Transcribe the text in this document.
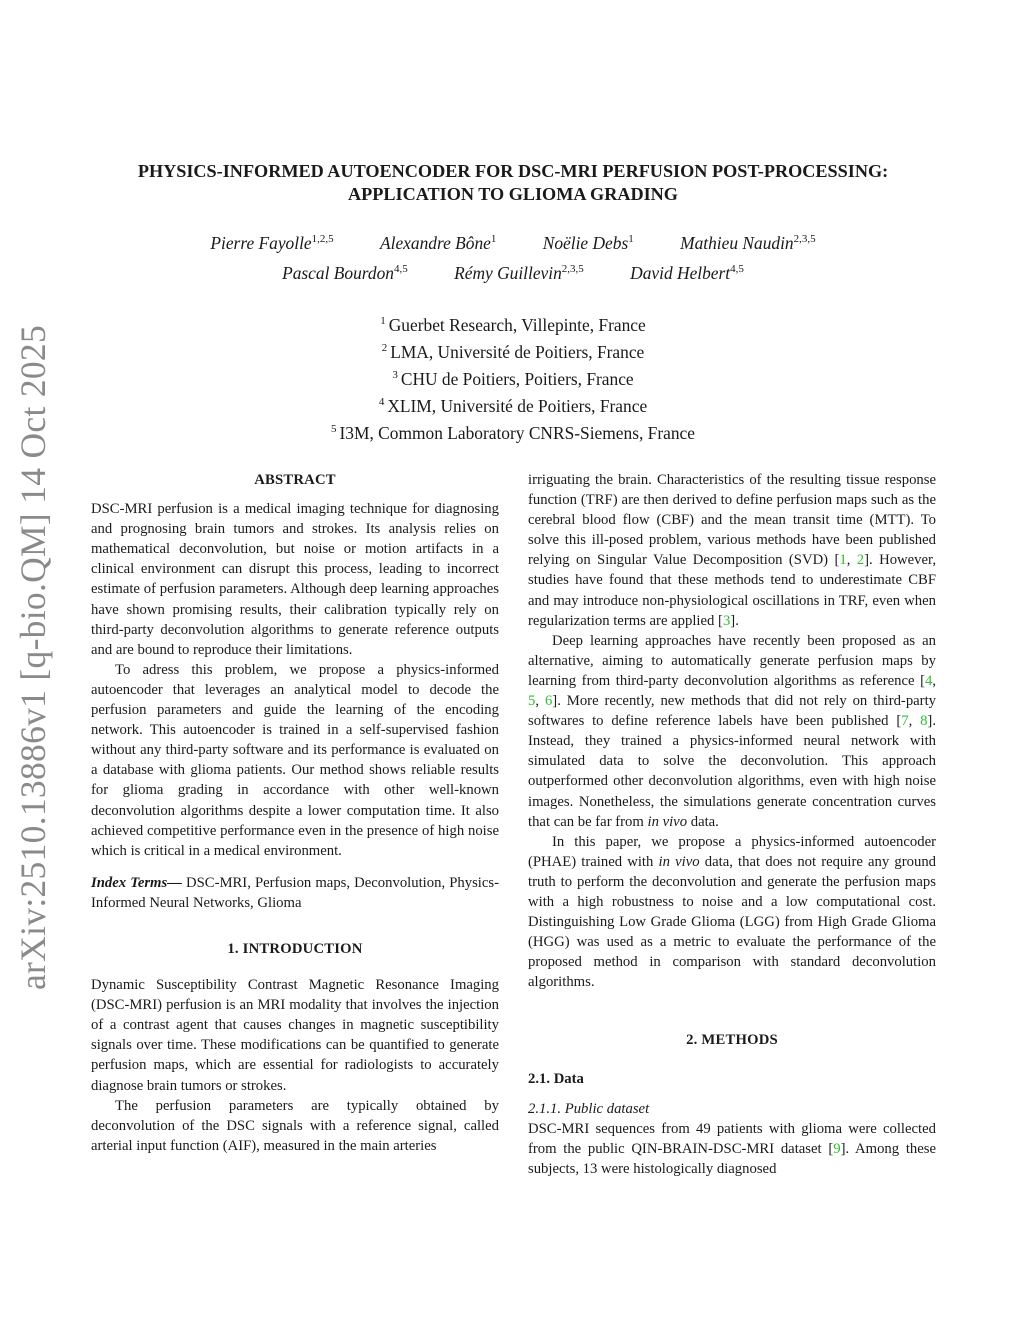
arXiv:2510.13886v1 [q-bio.QM] 14 Oct 2025
PHYSICS-INFORMED AUTOENCODER FOR DSC-MRI PERFUSION POST-PROCESSING:
APPLICATION TO GLIOMA GRADING
Pierre Fayolle$^{1,2,5}$	Alexandre Bône$^1$	Noëlie Debs$^1$	Mathieu Naudin$^{2,3,5}$
Pascal Bourdon$^{4,5}$	Rémy Guillevin$^{2,3,5}$	David Helbert$^{4,5}$
$^1$ Guerbet Research, Villepinte, France
$^2$ LMA, Université de Poitiers, France
$^3$ CHU de Poitiers, Poitiers, France
$^4$ XLIM, Université de Poitiers, France
$^5$ I3M, Common Laboratory CNRS-Siemens, France

ABSTRACT

DSC-MRI perfusion is a medical imaging technique for diagnosing and prognosing brain tumors and strokes. Its analysis relies on mathematical deconvolution, but noise or motion artifacts in a clinical environment can disrupt this process, leading to incorrect estimate of perfusion parameters. Although deep learning approaches have shown promising results, their calibration typically rely on third-party deconvolution algorithms to generate reference outputs and are bound to reproduce their limitations.

To adress this problem, we propose a physics-informed autoencoder that leverages an analytical model to decode the perfusion parameters and guide the learning of the encoding network. This autoencoder is trained in a self-supervised fashion without any third-party software and its performance is evaluated on a database with glioma patients. Our method shows reliable results for glioma grading in accordance with other well-known deconvolution algorithms despite a lower computation time. It also achieved competitive performance even in the presence of high noise which is critical in a medical environment.

Index Terms— DSC-MRI, Perfusion maps, Deconvolution, Physics-Informed Neural Networks, Glioma

1. INTRODUCTION

Dynamic Susceptibility Contrast Magnetic Resonance Imaging (DSC-MRI) perfusion is an MRI modality that involves the injection of a contrast agent that causes changes in magnetic susceptibility signals over time. These modifications can be quantified to generate perfusion maps, which are essential for radiologists to accurately diagnose brain tumors or strokes.

The perfusion parameters are typically obtained by deconvolution of the DSC signals with a reference signal, called arterial input function (AIF), measured in the main arteries

irriguating the brain. Characteristics of the resulting tissue response function (TRF) are then derived to define perfusion maps such as the cerebral blood flow (CBF) and the mean transit time (MTT). To solve this ill-posed problem, various methods have been published relying on Singular Value Decomposition (SVD) [1, 2]. However, studies have found that these methods tend to underestimate CBF and may introduce non-physiological oscillations in TRF, even when regularization terms are applied [3].

Deep learning approaches have recently been proposed as an alternative, aiming to automatically generate perfusion maps by learning from third-party deconvolution algorithms as reference [4, 5, 6]. More recently, new methods that did not rely on third-party softwares to define reference labels have been published [7, 8]. Instead, they trained a physics-informed neural network with simulated data to solve the deconvolution. This approach outperformed other deconvolution algorithms, even with high noise images. Nonetheless, the simulations generate concentration curves that can be far from in vivo data.

In this paper, we propose a physics-informed autoencoder (PHAE) trained with in vivo data, that does not require any ground truth to perform the deconvolution and generate the perfusion maps with a high robustness to noise and a low computational cost. Distinguishing Low Grade Glioma (LGG) from High Grade Glioma (HGG) was used as a metric to evaluate the performance of the proposed method in comparison with standard deconvolution algorithms.

2. METHODS

2.1. Data

2.1.1. Public dataset

DSC-MRI sequences from 49 patients with glioma were collected from the public QIN-BRAIN-DSC-MRI dataset [9]. Among these subjects, 13 were histologically diagnosed
